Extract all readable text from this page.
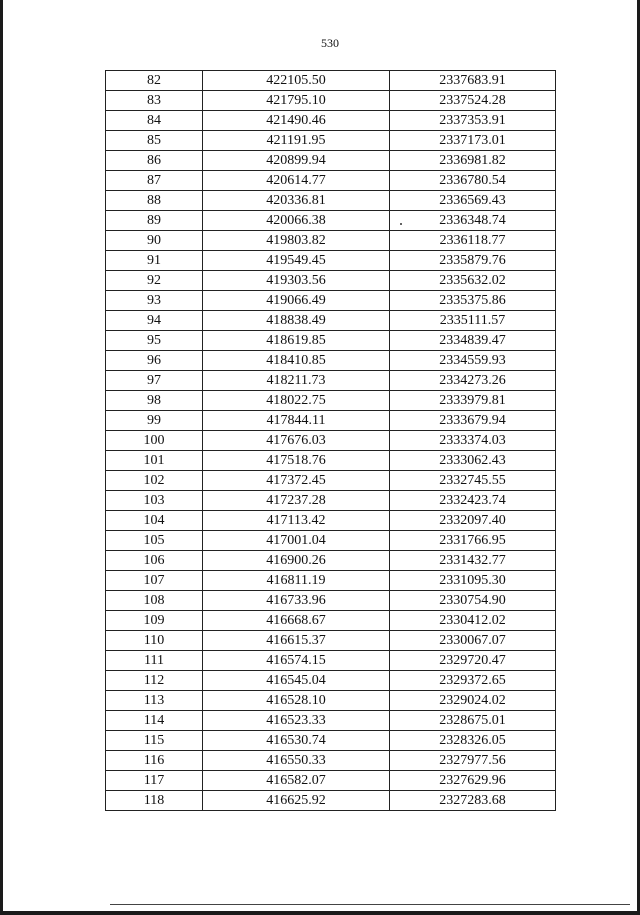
530
82	422105.50	2337683.91
83	421795.10	2337524.28
84	421490.46	2337353.91
85	421191.95	2337173.01
86	420899.94	2336981.82
87	420614.77	2336780.54
88	420336.81	2336569.43
89	420066.38	2336348.74
90	419803.82	2336118.77
91	419549.45	2335879.76
92	419303.56	2335632.02
93	419066.49	2335375.86
94	418838.49	2335111.57
95	418619.85	2334839.47
96	418410.85	2334559.93
97	418211.73	2334273.26
98	418022.75	2333979.81
99	417844.11	2333679.94
100	417676.03	2333374.03
101	417518.76	2333062.43
102	417372.45	2332745.55
103	417237.28	2332423.74
104	417113.42	2332097.40
105	417001.04	2331766.95
106	416900.26	2331432.77
107	416811.19	2331095.30
108	416733.96	2330754.90
109	416668.67	2330412.02
110	416615.37	2330067.07
111	416574.15	2329720.47
112	416545.04	2329372.65
113	416528.10	2329024.02
114	416523.33	2328675.01
115	416530.74	2328326.05
116	416550.33	2327977.56
117	416582.07	2327629.96
118	416625.92	2327283.68
